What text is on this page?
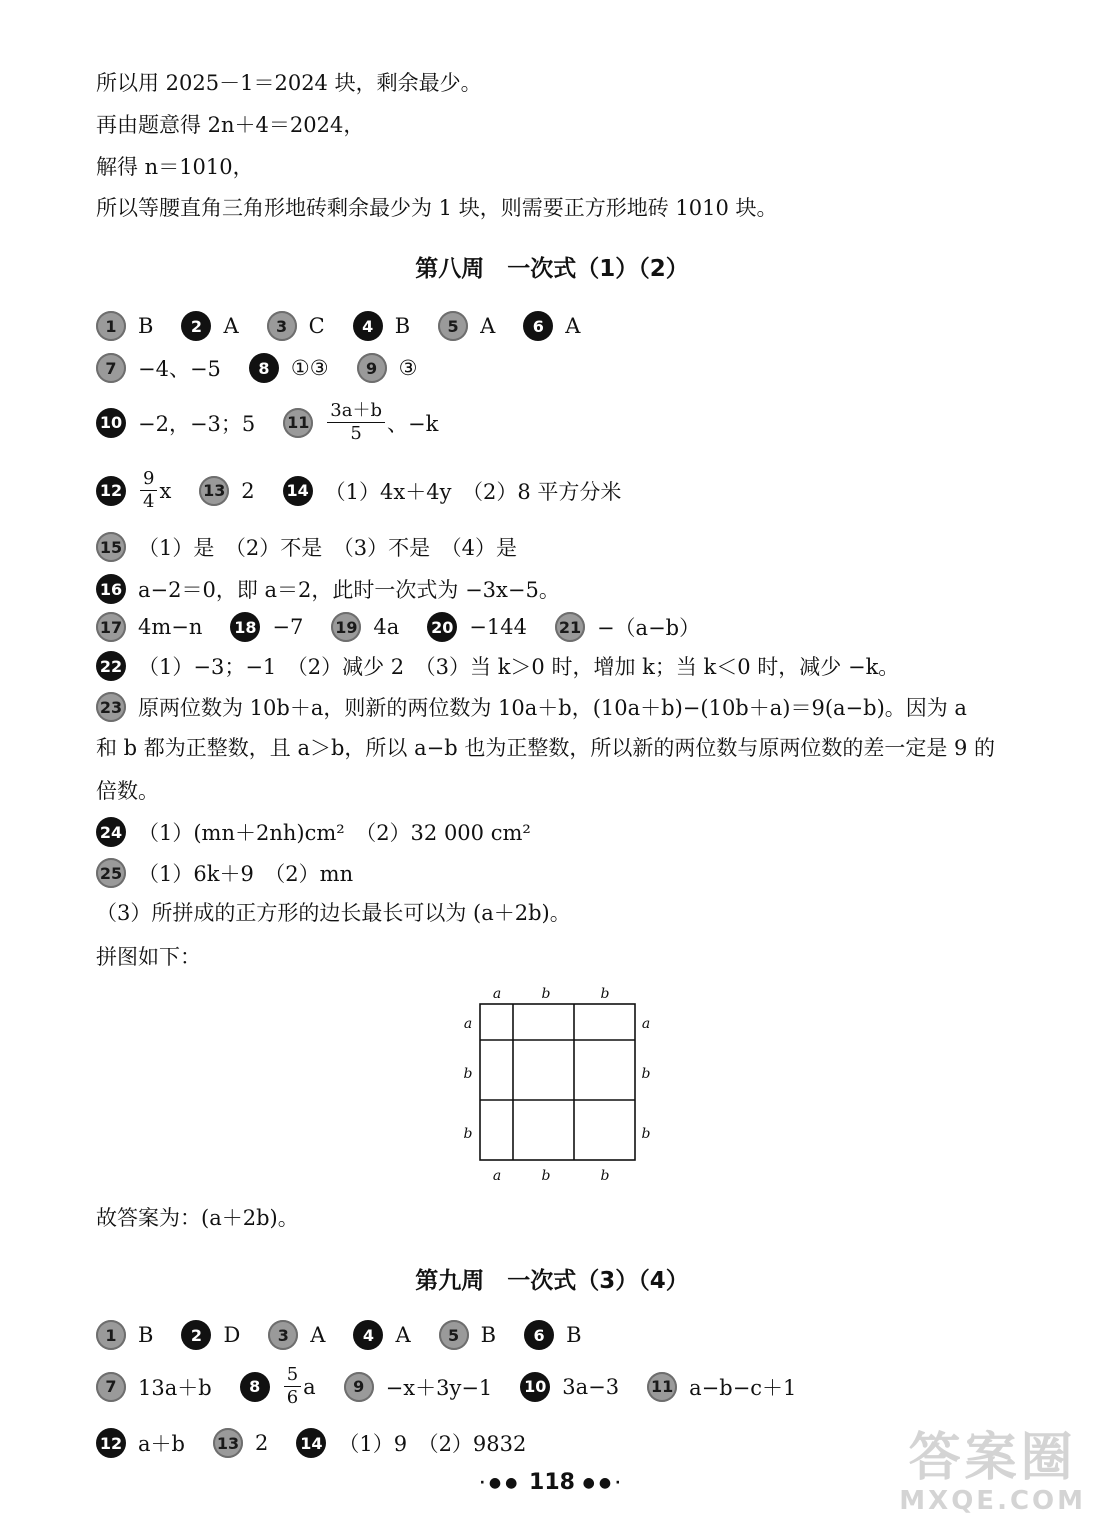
所以用 2025－1＝2024 块，剩余最少。
再由题意得 2n＋4＝2024，
解得 n＝1010，
所以等腰直角三角形地砖剩余最少为 1 块，则需要正方形地砖 1010 块。
第八周　一次式（1）（2）
1	B	2	A	3	C	4	B	5	A	6	A
7	−4、−5	8	①③	9	③
10 −2，−3；5 $11 \frac{3a+b}{5}$ 、−k
$12 \frac{9}{4}$ x 13 2 14 （1）4x＋4y　（2）8 平方分米
15 （1）是　（2）不是　（3）不是　（4）是
16 a−2＝0，即 a＝2，此时一次式为 −3x−5。
17 4m−n 18 −7 19 4a 20 −144 21 −（a−b）
22 （1）−3；−1　（2）减少 2　（3）当 k＞0 时，增加 k；当 k＜0 时，减少 −k。
23 原两位数为 10b＋a，则新的两位数为 10a＋b，(10a＋b)−(10b＋a)＝9(a−b)。因为 a
和 b 都为正整数，且 a＞b，所以 a−b 也为正整数，所以新的两位数与原两位数的差一定是 9 的
倍数。
24 （1）(mn＋2nh)cm²　（2）32 000 cm²
25 （1）6k＋9　（2）mn
（3）所拼成的正方形的边长最长可以为 (a＋2b)。
拼图如下：
a	b	b
a	b	b
a
b
b
a
b
b
故答案为：(a＋2b)。
第九周　一次式（3）（4）
1	B	2	D	3	A	4	A	5	B	6	B
7	13a＋b	8	$\frac{5}{6}$ a	9	−x＋3y−1 10 3a−3 11 a−b−c＋1
12 a＋b 13 2 14 （1）9　（2）9832
·●● 118 ●●·	答案圈
MXQE.COM
